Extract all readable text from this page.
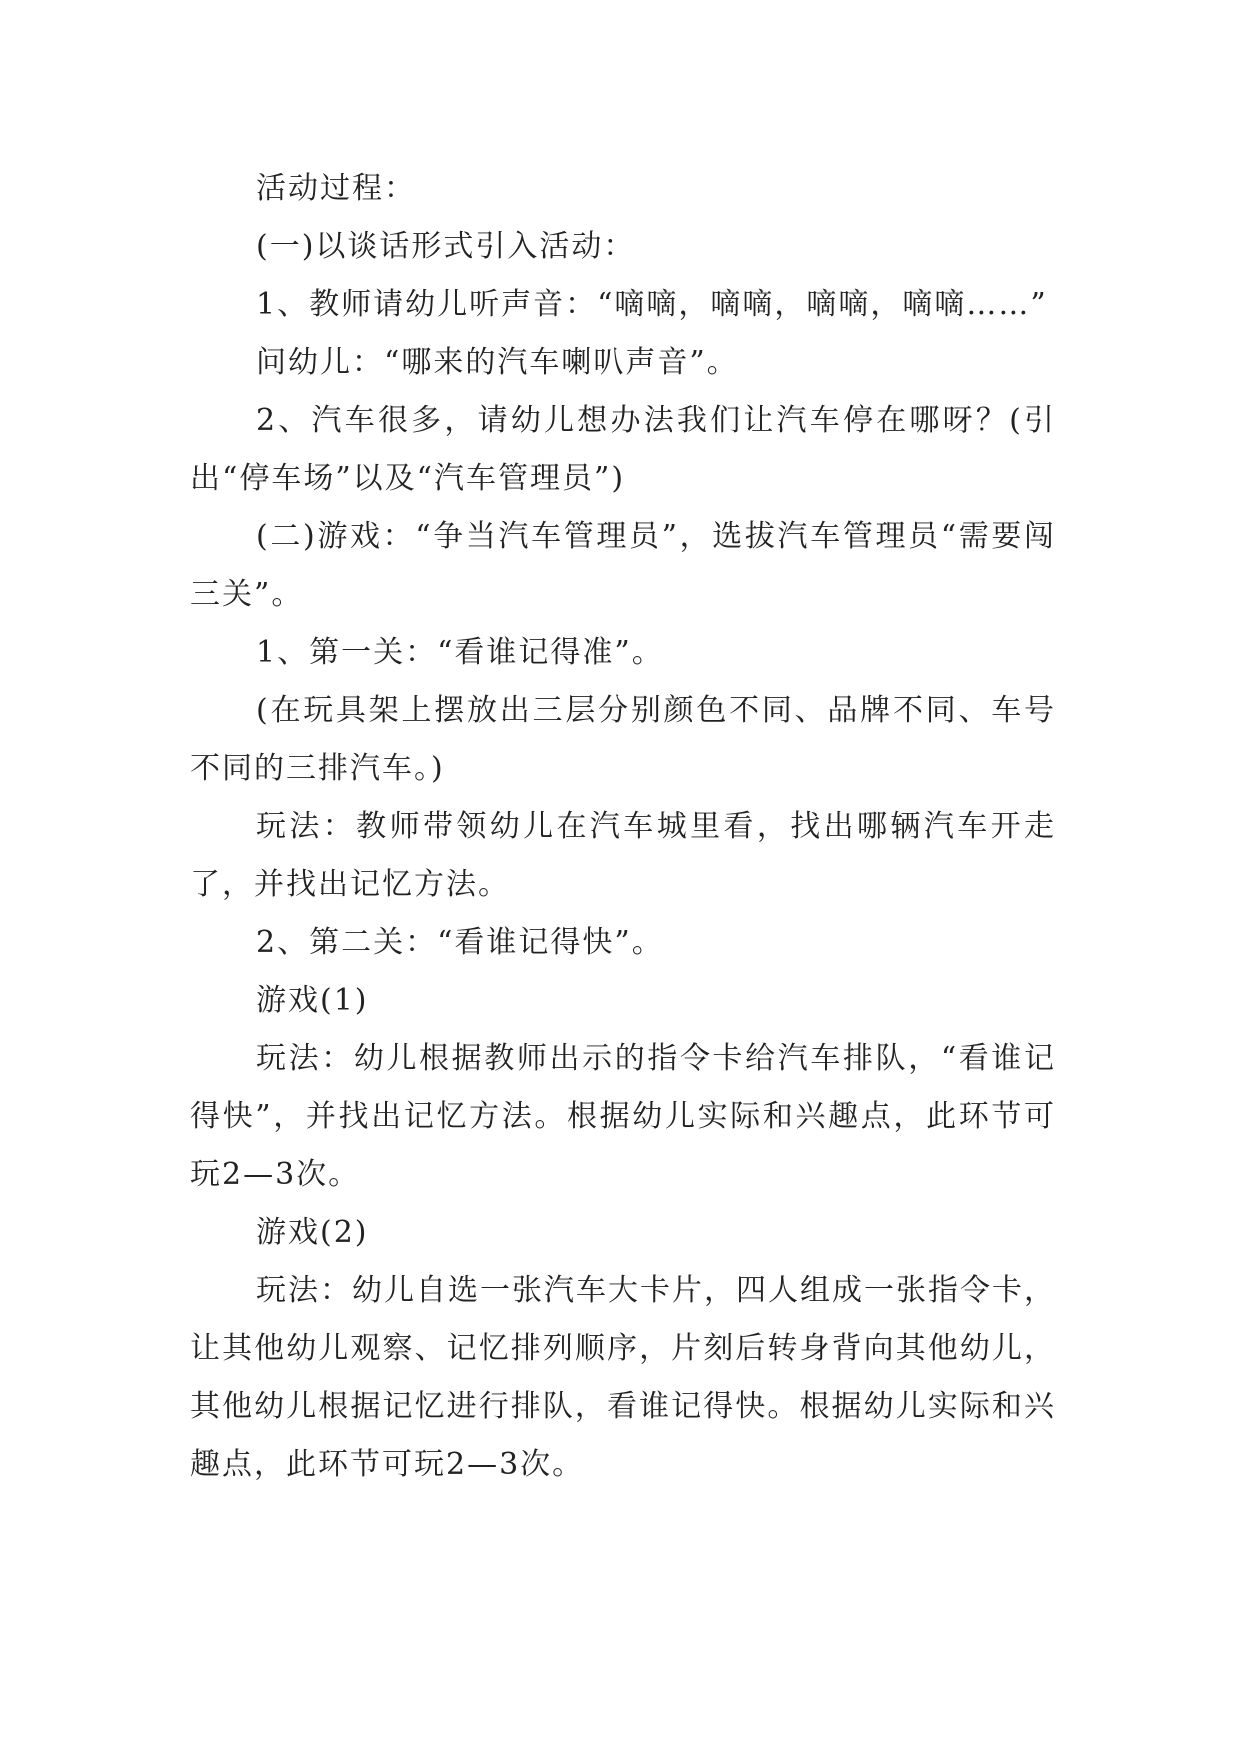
活动过程：

(一)以谈话形式引入活动：

1、教师请幼儿听声音：“嘀嘀，嘀嘀，嘀嘀，嘀嘀……”

问幼儿：“哪来的汽车喇叭声音”。

2、汽车很多，请幼儿想办法我们让汽车停在哪呀？(引出“停车场”以及“汽车管理员”)

(二)游戏：“争当汽车管理员”，选拔汽车管理员“需要闯三关”。

1、第一关：“看谁记得准”。

(在玩具架上摆放出三层分别颜色不同、品牌不同、车号不同的三排汽车。)

玩法：教师带领幼儿在汽车城里看，找出哪辆汽车开走了，并找出记忆方法。

2、第二关：“看谁记得快”。

游戏(1)

玩法：幼儿根据教师出示的指令卡给汽车排队，“看谁记得快”，并找出记忆方法。根据幼儿实际和兴趣点，此环节可玩2—3次。

游戏(2)

玩法：幼儿自选一张汽车大卡片，四人组成一张指令卡，让其他幼儿观察、记忆排列顺序，片刻后转身背向其他幼儿，其他幼儿根据记忆进行排队，看谁记得快。根据幼儿实际和兴趣点，此环节可玩2—3次。
